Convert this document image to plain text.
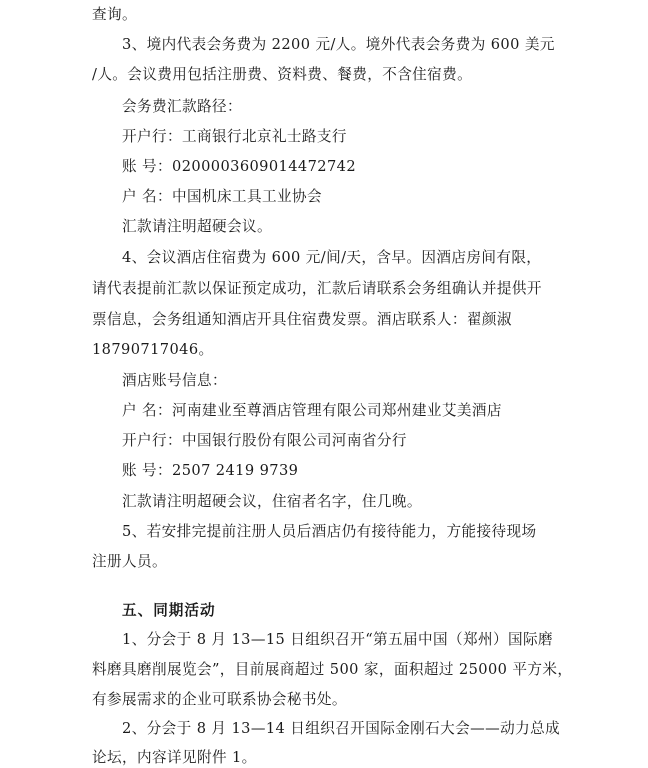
查询。
3、境内代表会务费为 2200 元/人。境外代表会务费为 600 美元
/人。会议费用包括注册费、资料费、餐费，不含住宿费。
会务费汇款路径：
开户行：工商银行北京礼士路支行
账 号：0200003609014472742
户 名：中国机床工具工业协会
汇款请注明超硬会议。
4、会议酒店住宿费为 600 元/间/天，含早。因酒店房间有限，
请代表提前汇款以保证预定成功，汇款后请联系会务组确认并提供开
票信息，会务组通知酒店开具住宿费发票。酒店联系人：翟颜淑
18790717046。
酒店账号信息：
户 名：河南建业至尊酒店管理有限公司郑州建业艾美酒店
开户行：中国银行股份有限公司河南省分行
账 号：2507 2419 9739
汇款请注明超硬会议，住宿者名字，住几晚。
5、若安排完提前注册人员后酒店仍有接待能力，方能接待现场
注册人员。
五、同期活动
1、分会于 8 月 13—15 日组织召开“第五届中国（郑州）国际磨
料磨具磨削展览会”，目前展商超过 500 家，面积超过 25000 平方米，
有参展需求的企业可联系协会秘书处。
2、分会于 8 月 13—14 日组织召开国际金刚石大会——动力总成
论坛，内容详见附件 1。
